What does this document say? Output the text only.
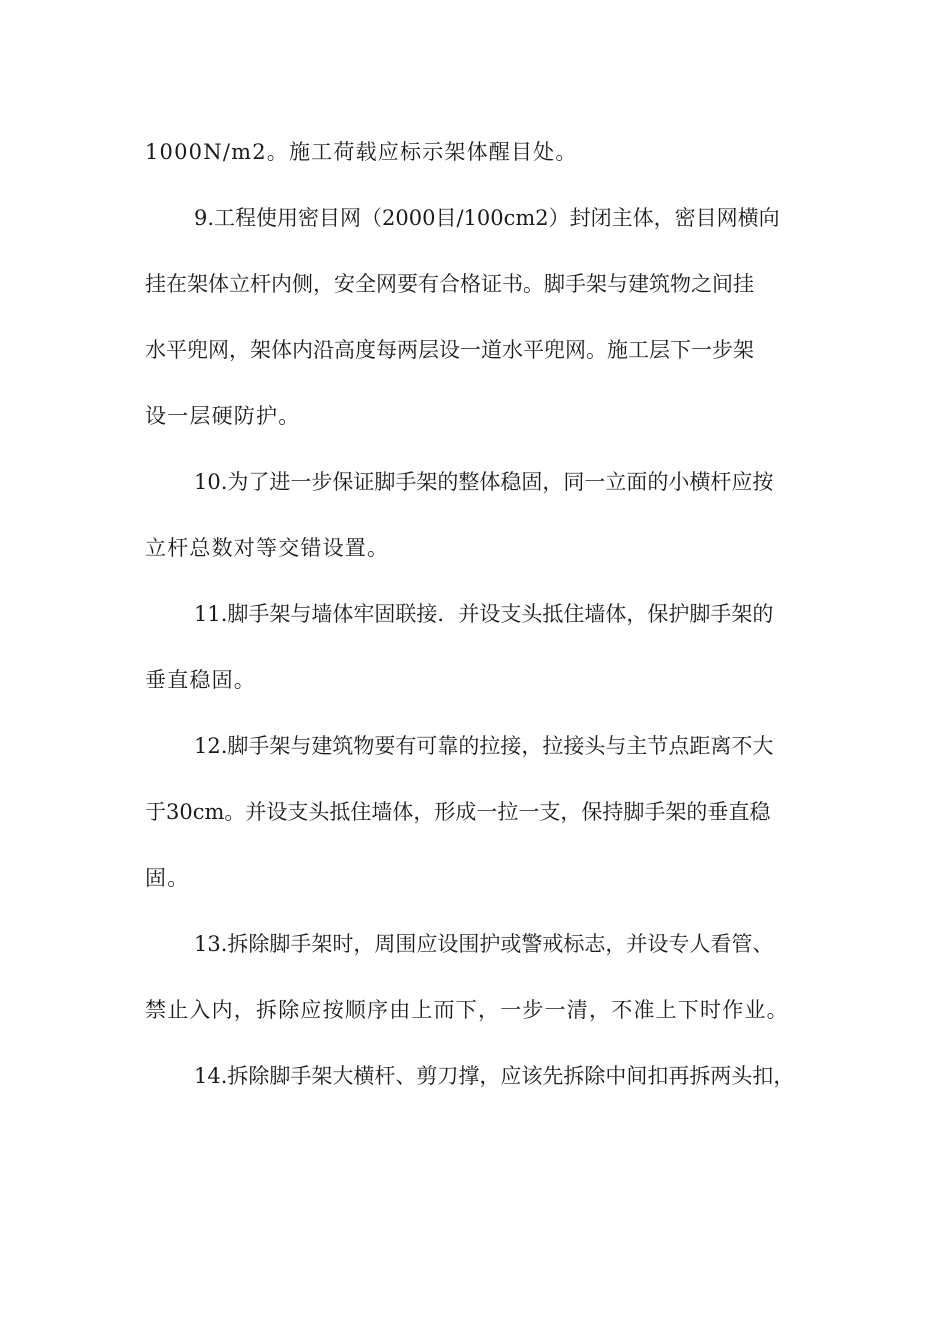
1000N/m2。施工荷载应标示架体醒目处。
9.工程使用密目网（2000目/100cm2）封闭主体，密目网横向
挂在架体立杆内侧，安全网要有合格证书。脚手架与建筑物之间挂
水平兜网，架体内沿高度每两层设一道水平兜网。施工层下一步架
设一层硬防护。
10.为了进一步保证脚手架的整体稳固，同一立面的小横杆应按
立杆总数对等交错设置。
11.脚手架与墙体牢固联接．并设支头抵住墙体，保护脚手架的
垂直稳固。
12.脚手架与建筑物要有可靠的拉接，拉接头与主节点距离不大
于30cm。并设支头抵住墙体，形成一拉一支，保持脚手架的垂直稳
固。
13.拆除脚手架时，周围应设围护或警戒标志，并设专人看管、
禁止入内，拆除应按顺序由上而下，一步一清，不准上下时作业。
14.拆除脚手架大横杆、剪刀撑，应该先拆除中间扣再拆两头扣，
